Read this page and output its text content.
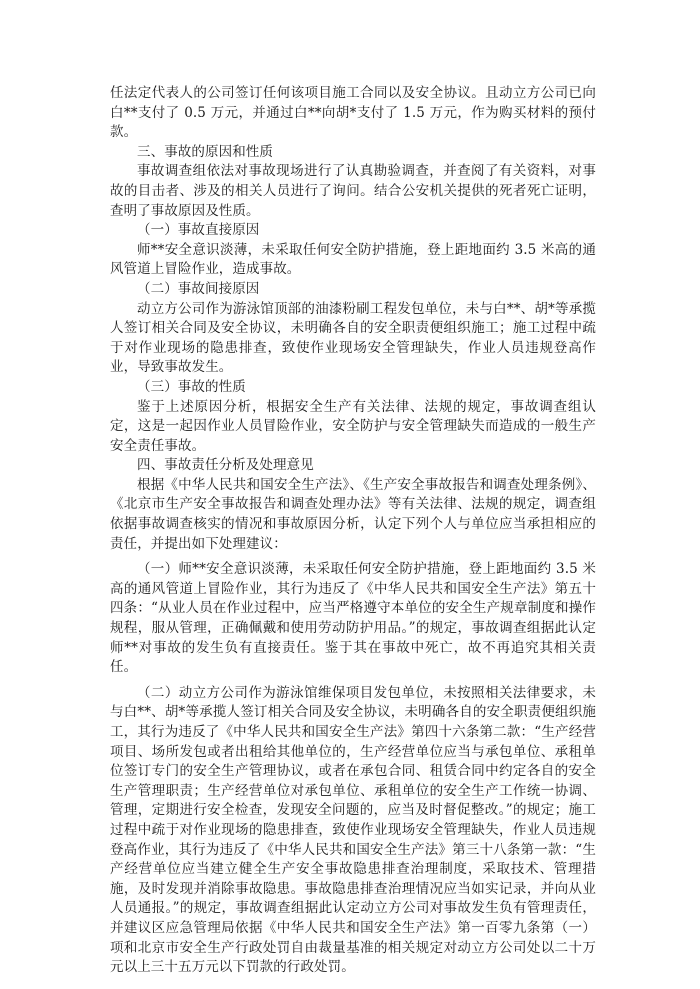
任法定代表人的公司签订任何该项目施工合同以及安全协议。且动立方公司已向白**支付了 0.5 万元，并通过白**向胡*支付了 1.5 万元，作为购买材料的预付款。

三、事故的原因和性质

事故调查组依法对事故现场进行了认真勘验调查，并查阅了有关资料，对事故的目击者、涉及的相关人员进行了询问。结合公安机关提供的死者死亡证明，查明了事故原因及性质。

（一）事故直接原因

师**安全意识淡薄，未采取任何安全防护措施，登上距地面约 3.5 米高的通风管道上冒险作业，造成事故。

（二）事故间接原因

动立方公司作为游泳馆顶部的油漆粉刷工程发包单位，未与白**、胡*等承揽人签订相关合同及安全协议，未明确各自的安全职责便组织施工；施工过程中疏于对作业现场的隐患排查，致使作业现场安全管理缺失，作业人员违规登高作业，导致事故发生。

（三）事故的性质

鉴于上述原因分析，根据安全生产有关法律、法规的规定，事故调查组认定，这是一起因作业人员冒险作业，安全防护与安全管理缺失而造成的一般生产安全责任事故。

四、事故责任分析及处理意见

根据《中华人民共和国安全生产法》、《生产安全事故报告和调查处理条例》、《北京市生产安全事故报告和调查处理办法》等有关法律、法规的规定，调查组依据事故调查核实的情况和事故原因分析，认定下列个人与单位应当承担相应的责任，并提出如下处理建议：

（一）师**安全意识淡薄，未采取任何安全防护措施，登上距地面约 3.5 米高的通风管道上冒险作业，其行为违反了《中华人民共和国安全生产法》第五十四条：“从业人员在作业过程中，应当严格遵守本单位的安全生产规章制度和操作规程，服从管理，正确佩戴和使用劳动防护用品。”的规定，事故调查组据此认定师**对事故的发生负有直接责任。鉴于其在事故中死亡，故不再追究其相关责任。

（二）动立方公司作为游泳馆维保项目发包单位，未按照相关法律要求，未与白**、胡*等承揽人签订相关合同及安全协议，未明确各自的安全职责便组织施工，其行为违反了《中华人民共和国安全生产法》第四十六条第二款：“生产经营项目、场所发包或者出租给其他单位的，生产经营单位应当与承包单位、承租单位签订专门的安全生产管理协议，或者在承包合同、租赁合同中约定各自的安全生产管理职责；生产经营单位对承包单位、承租单位的安全生产工作统一协调、管理，定期进行安全检查，发现安全问题的，应当及时督促整改。”的规定；施工过程中疏于对作业现场的隐患排查，致使作业现场安全管理缺失，作业人员违规登高作业，其行为违反了《中华人民共和国安全生产法》第三十八条第一款：“生产经营单位应当建立健全生产安全事故隐患排查治理制度，采取技术、管理措施，及时发现并消除事故隐患。事故隐患排查治理情况应当如实记录，并向从业人员通报。”的规定，事故调查组据此认定动立方公司对事故发生负有管理责任，并建议区应急管理局依据《中华人民共和国安全生产法》第一百零九条第（一）项和北京市安全生产行政处罚自由裁量基准的相关规定对动立方公司处以二十万元以上三十五万元以下罚款的行政处罚。
